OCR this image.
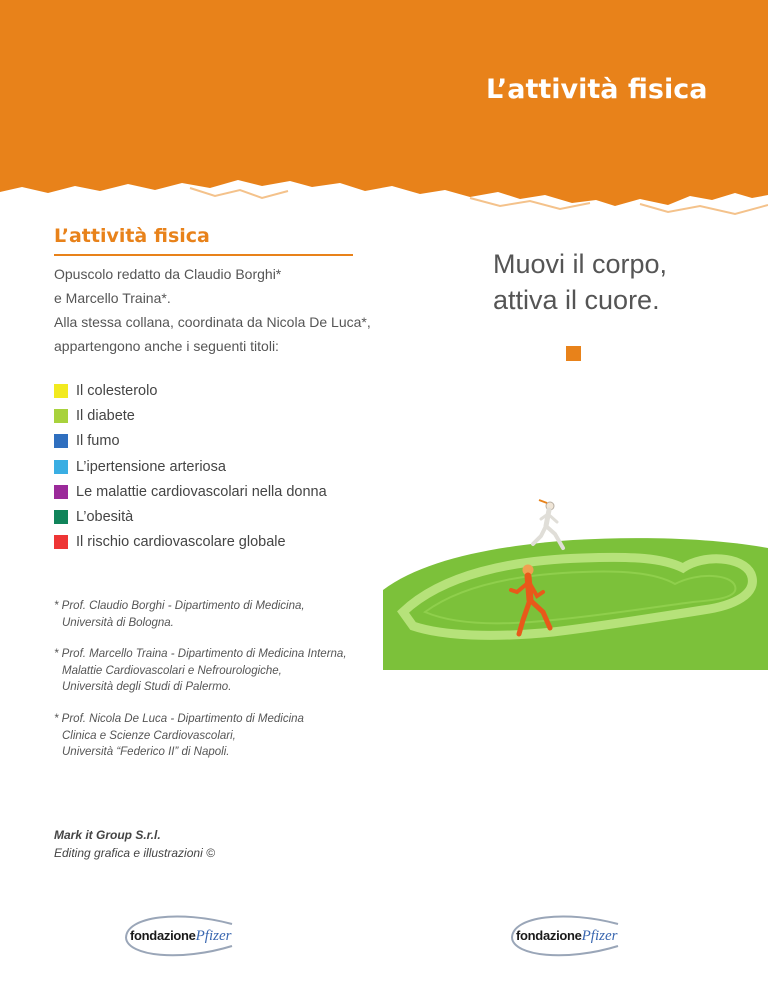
L’attività fisica
L’attività fisica
Opuscolo redatto da Claudio Borghi*
e Marcello Traina*.
Alla stessa collana, coordinata da Nicola De Luca*,
appartengono anche i seguenti titoli:
Il colesterolo
Il diabete
Il fumo
L’ipertensione arteriosa
Le malattie cardiovascolari nella donna
L’obesità
Il rischio cardiovascolare globale
* Prof. Claudio Borghi - Dipartimento di Medicina,
Università di Bologna.
* Prof. Marcello Traina - Dipartimento di Medicina Interna,
Malattie Cardiovascolari e Nefrourologiche,
Università degli Studi di Palermo.
* Prof. Nicola De Luca - Dipartimento di Medicina
Clinica e Scienze Cardiovascolari,
Università “Federico II” di Napoli.
Mark it Group S.r.l.
Editing grafica e illustrazioni ©
Muovi il corpo,
attiva il cuore.
fondazionePfizer	fondazionePfizer
